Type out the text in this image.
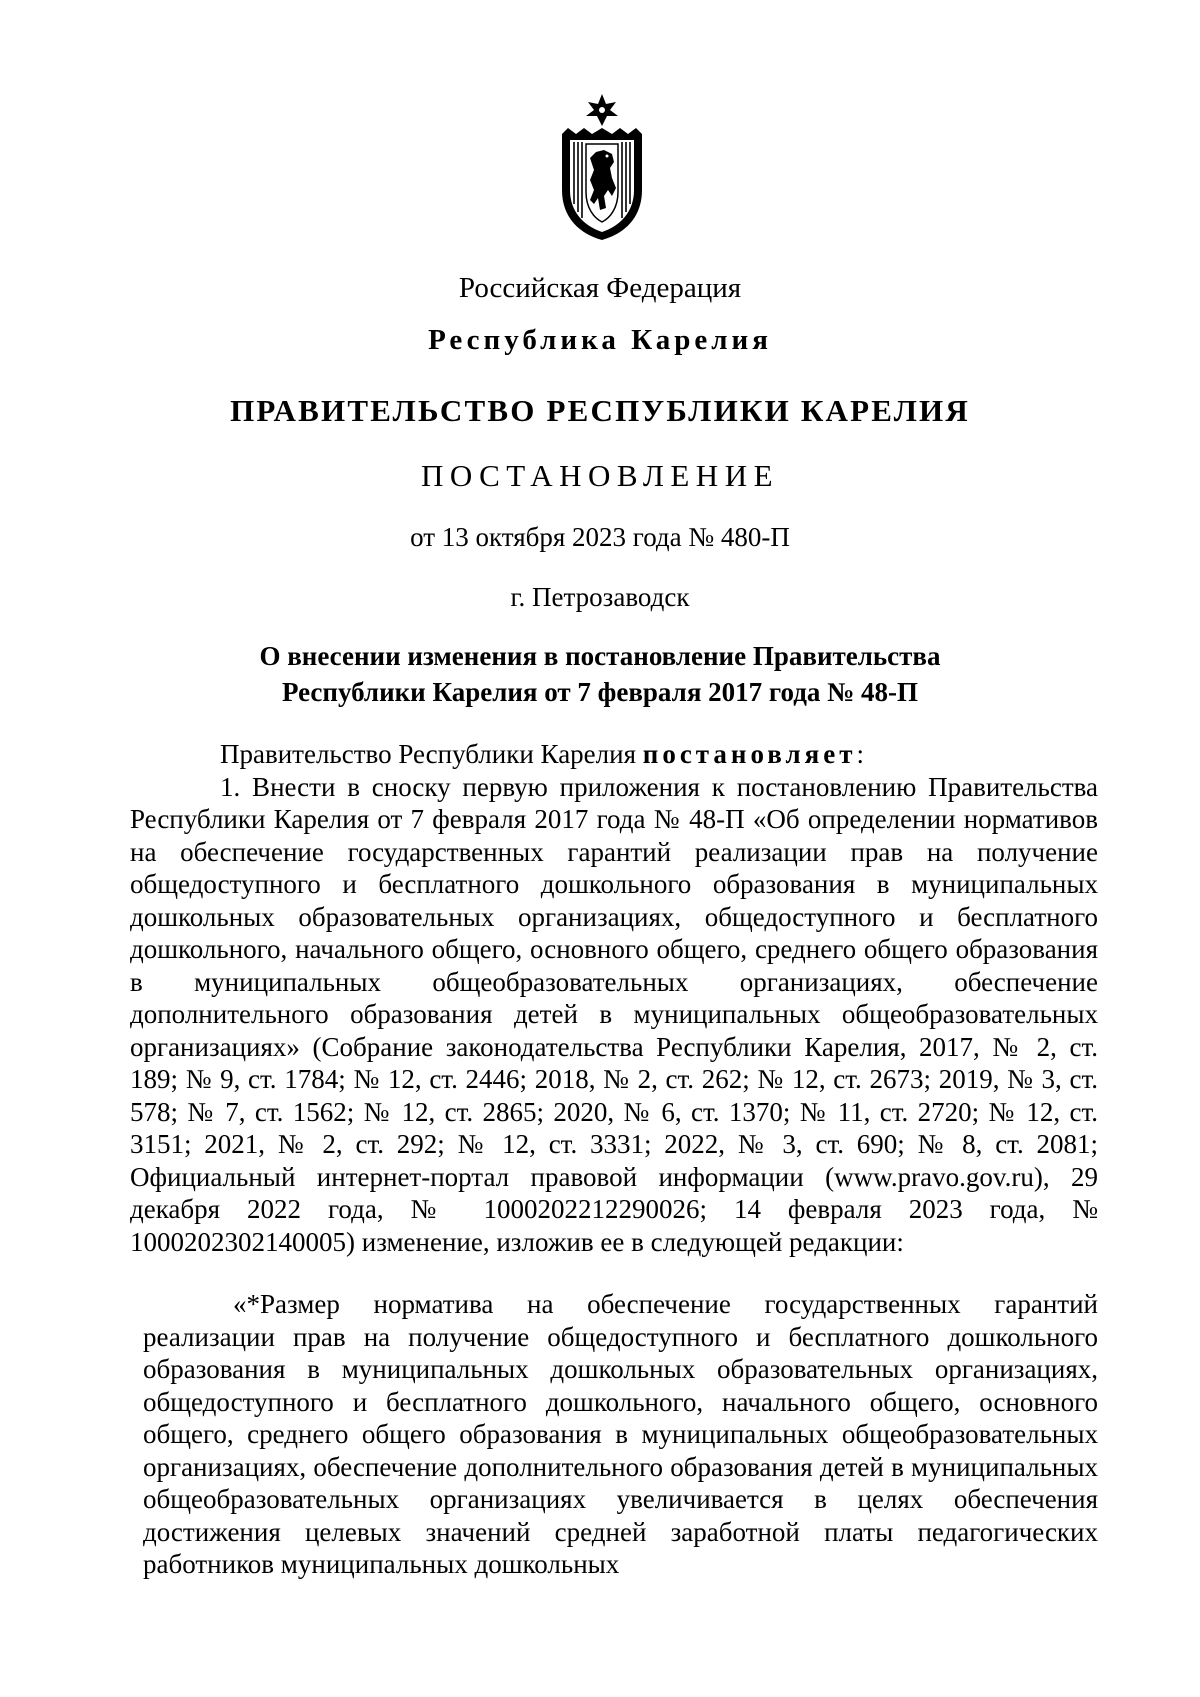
Российская Федерация
Республика Карелия
ПРАВИТЕЛЬСТВО РЕСПУБЛИКИ КАРЕЛИЯ
ПОСТАНОВЛЕНИЕ
от 13 октября 2023 года № 480-П
г. Петрозаводск
О внесении изменения в постановление Правительства
Республики Карелия от 7 февраля 2017 года № 48-П

Правительство Республики Карелия постановляет:

1. Внести в сноску первую приложения к постановлению Правительства Республики Карелия от 7 февраля 2017 года № 48-П «Об определении нормативов на обеспечение государственных гарантий реализации прав на получение общедоступного и бесплатного дошкольного образования в муниципальных дошкольных образовательных организациях, общедоступного и бесплатного дошкольного, начального общего, основного общего, среднего общего образования в муниципальных общеобразовательных организациях, обеспечение дополнительного образования детей в муниципальных общеобразовательных организациях» (Собрание законодательства Республики Карелия, 2017, № 2, ст. 189; № 9, ст. 1784; № 12, ст. 2446; 2018, № 2, ст. 262; № 12, ст. 2673; 2019, № 3, ст. 578; № 7, ст. 1562; № 12, ст. 2865; 2020, № 6, ст. 1370; № 11, ст. 2720; № 12, ст. 3151; 2021, № 2, ст. 292; № 12, ст. 3331; 2022, № 3, ст. 690; № 8, ст. 2081; Официальный интернет-портал правовой информации (www.pravo.gov.ru), 29 декабря 2022 года, № 1000202212290026; 14 февраля 2023 года, № 1000202302140005) изменение, изложив ее в следующей редакции:

«*Размер норматива на обеспечение государственных гарантий реализации прав на получение общедоступного и бесплатного дошкольного образования в муниципальных дошкольных образовательных организациях, общедоступного и бесплатного дошкольного, начального общего, основного общего, среднего общего образования в муниципальных общеобразовательных организациях, обеспечение дополнительного образования детей в муниципальных общеобразовательных организациях увеличивается в целях обеспечения достижения целевых значений средней заработной платы педагогических работников муниципальных дошкольных
